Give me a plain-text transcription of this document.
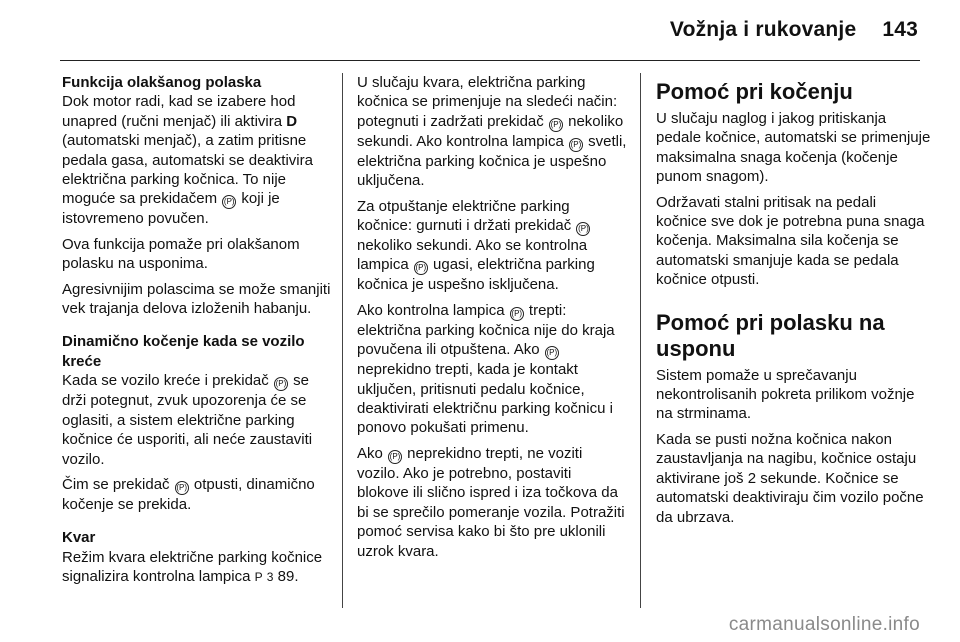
Vožnja i rukovanje 143

Funkcija olakšanog polaska

Dok motor radi, kad se izabere hod unapred (ručni menjač) ili aktivira D (automatski menjač), a zatim pritisne pedala gasa, automatski se deaktivira električna parking kočnica. To nije moguće sa prekidačem (P) koji je istovremeno povučen.

Ova funkcija pomaže pri olakšanom polasku na usponima.

Agresivnijim polascima se može smanjiti vek trajanja delova izloženih habanju.

Dinamično kočenje kada se vozilo kreće

Kada se vozilo kreće i prekidač (P) se drži potegnut, zvuk upozorenja će se oglasiti, a sistem električne parking kočnice će usporiti, ali neće zaustaviti vozilo.

Čim se prekidač (P) otpusti, dinamično kočenje se prekida.

Kvar

Režim kvara električne parking kočnice signalizira kontrolna lampica P 3 89.

U slučaju kvara, električna parking kočnica se primenjuje na sledeći način: potegnuti i zadržati prekidač (P) nekoliko sekundi. Ako kontrolna lampica (P) svetli, električna parking kočnica je uspešno uključena.

Za otpuštanje električne parking kočnice: gurnuti i držati prekidač (P) nekoliko sekundi. Ako se kontrolna lampica (P) ugasi, električna parking kočnica je uspešno isključena.

Ako kontrolna lampica (P) trepti: električna parking kočnica nije do kraja povučena ili otpuštena. Ako (P) neprekidno trepti, kada je kontakt uključen, pritisnuti pedalu kočnice, deaktivirati električnu parking kočnicu i ponovo pokušati primenu.

Ako (P) neprekidno trepti, ne voziti vozilo. Ako je potrebno, postaviti blokove ili slično ispred i iza točkova da bi se sprečilo pomeranje vozila. Potražiti pomoć servisa kako bi što pre uklonili uzrok kvara.

Pomoć pri kočenju

U slučaju naglog i jakog pritiskanja pedale kočnice, automatski se primenjuje maksimalna snaga kočenja (kočenje punom snagom).

Održavati stalni pritisak na pedali kočnice sve dok je potrebna puna snaga kočenja. Maksimalna sila kočenja se automatski smanjuje kada se pedala kočnice otpusti.

Pomoć pri polasku na usponu

Sistem pomaže u sprečavanju nekontrolisanih pokreta prilikom vožnje na strminama.

Kada se pusti nožna kočnica nakon zaustavljanja na nagibu, kočnice ostaju aktivirane još 2 sekunde. Kočnice se automatski deaktiviraju čim vozilo počne da ubrzava.

carmanualsonline.info
